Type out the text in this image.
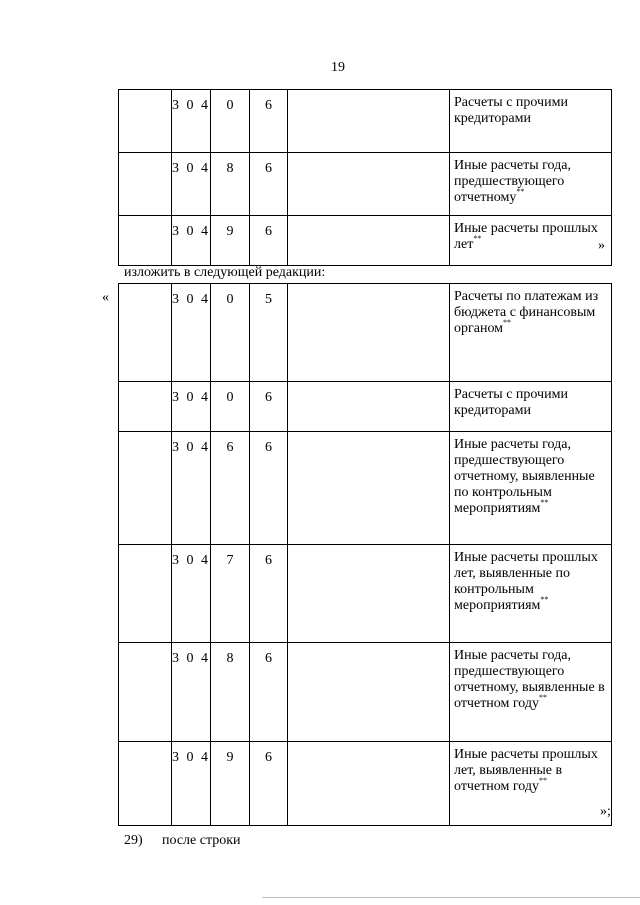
19
	3 0 4	0	6		Расчеты с прочими кредиторами
	3 0 4	8	6		Иные расчеты года, предшествующего отчетному**
	3 0 4	9	6		Иные расчеты прошлых лет**	»
изложить в следующей редакции:
«
		3 0 4	0	5		Расчеты по платежам из бюджета с финансовым органом**
	3 0 4	0	6		Расчеты с прочими кредиторами
	3 0 4	6	6		Иные расчеты года, предшествующего отчетному, выявленные по контрольным мероприятиям**
	3 0 4	7	6		Иные расчеты прошлых лет, выявленные по контрольным мероприятиям**
	3 0 4	8	6		Иные расчеты года, предшествующего отчетному, выявленные в отчетном году**
	3 0 4	9	6		Иные расчеты прошлых лет, выявленные в отчетном году**
»;
29) после строки
